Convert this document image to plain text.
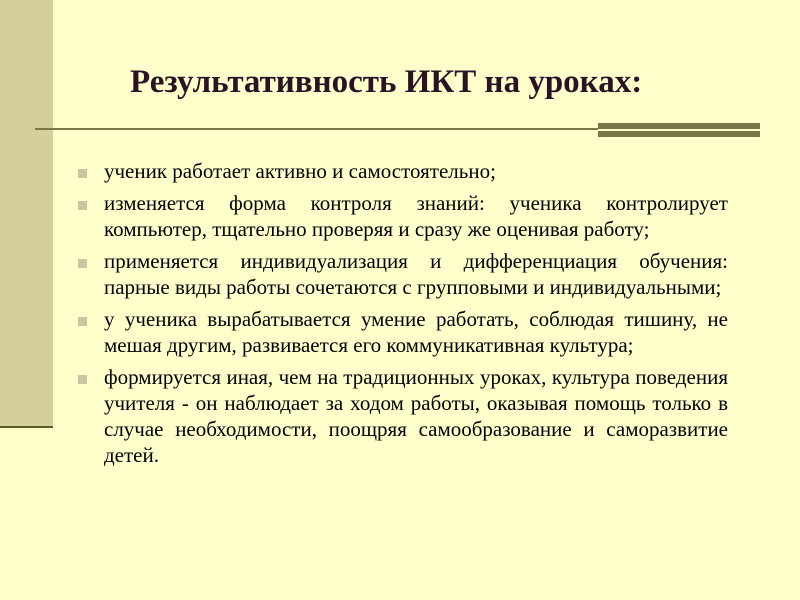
Результативность ИКТ на уроках:
ученик работает активно и самостоятельно;
изменяется форма контроля знаний: ученика контролирует компьютер, тщательно проверяя и сразу же оценивая работу;
применяется индивидуализация и дифференциация обучения: парные виды работы сочетаются с групповыми и индивидуальными;
у ученика вырабатывается умение работать, соблюдая тишину, не мешая другим, развивается его коммуникативная культура;
формируется иная, чем на традиционных уроках, культура поведения учителя - он наблюдает за ходом работы, оказывая помощь только в случае необходимости, поощряя самообразование и саморазвитие детей.
